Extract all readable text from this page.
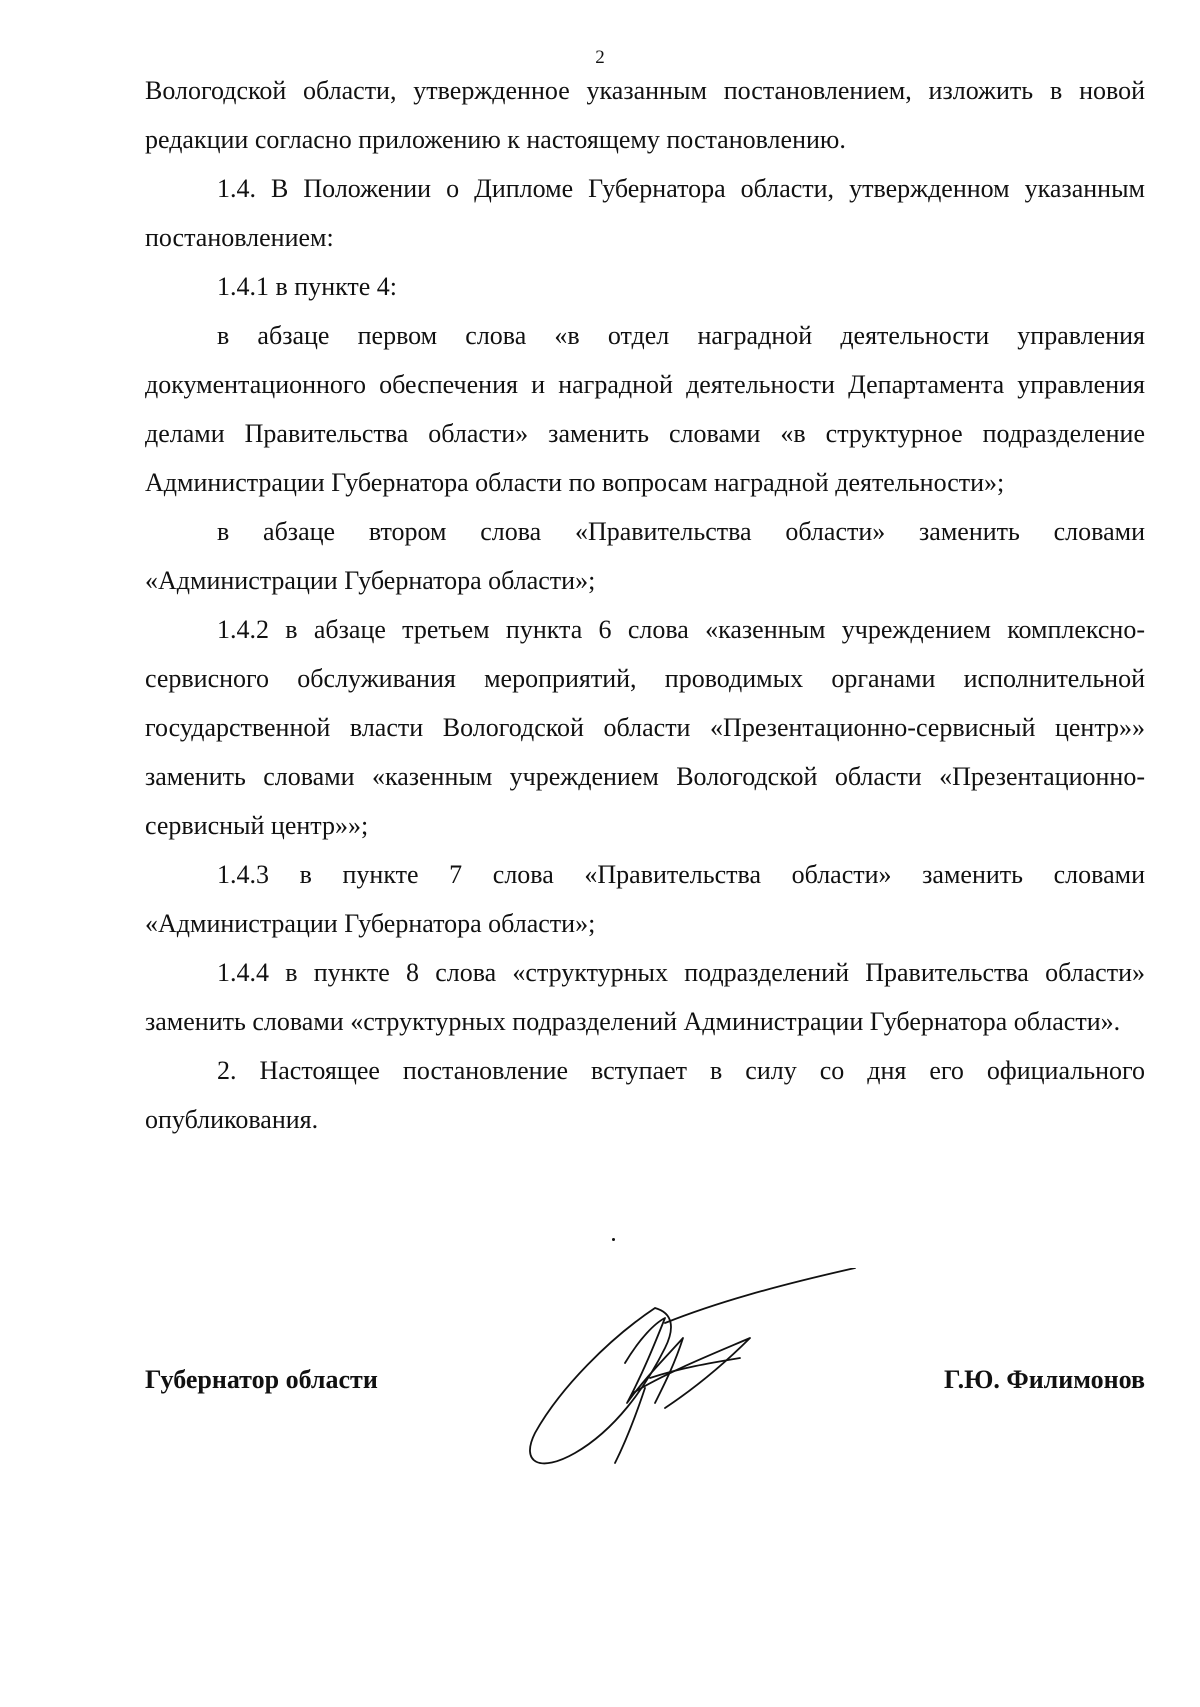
2

Вологодской области, утвержденное указанным постановлением, изложить в новой редакции согласно приложению к настоящему постановлению.

1.4. В Положении о Дипломе Губернатора области, утвержденном указанным постановлением:

1.4.1 в пункте 4:

в абзаце первом слова «в отдел наградной деятельности управления документационного обеспечения и наградной деятельности Департамента управления делами Правительства области» заменить словами «в структурное подразделение Администрации Губернатора области по вопросам наградной деятельности»;

в абзаце втором слова «Правительства области» заменить словами «Администрации Губернатора области»;

1.4.2 в абзаце третьем пункта 6 слова «казенным учреждением комплексно-сервисного обслуживания мероприятий, проводимых органами исполнительной государственной власти Вологодской области «Презентационно-сервисный центр»» заменить словами «казенным учреждением Вологодской области «Презентационно-сервисный центр»»;

1.4.3 в пункте 7 слова «Правительства области» заменить словами «Администрации Губернатора области»;

1.4.4 в пункте 8 слова «структурных подразделений Правительства области» заменить словами «структурных подразделений Администрации Губернатора области».

2. Настоящее постановление вступает в силу со дня его официального опубликования.

Губернатор области	Г.Ю. Филимонов
